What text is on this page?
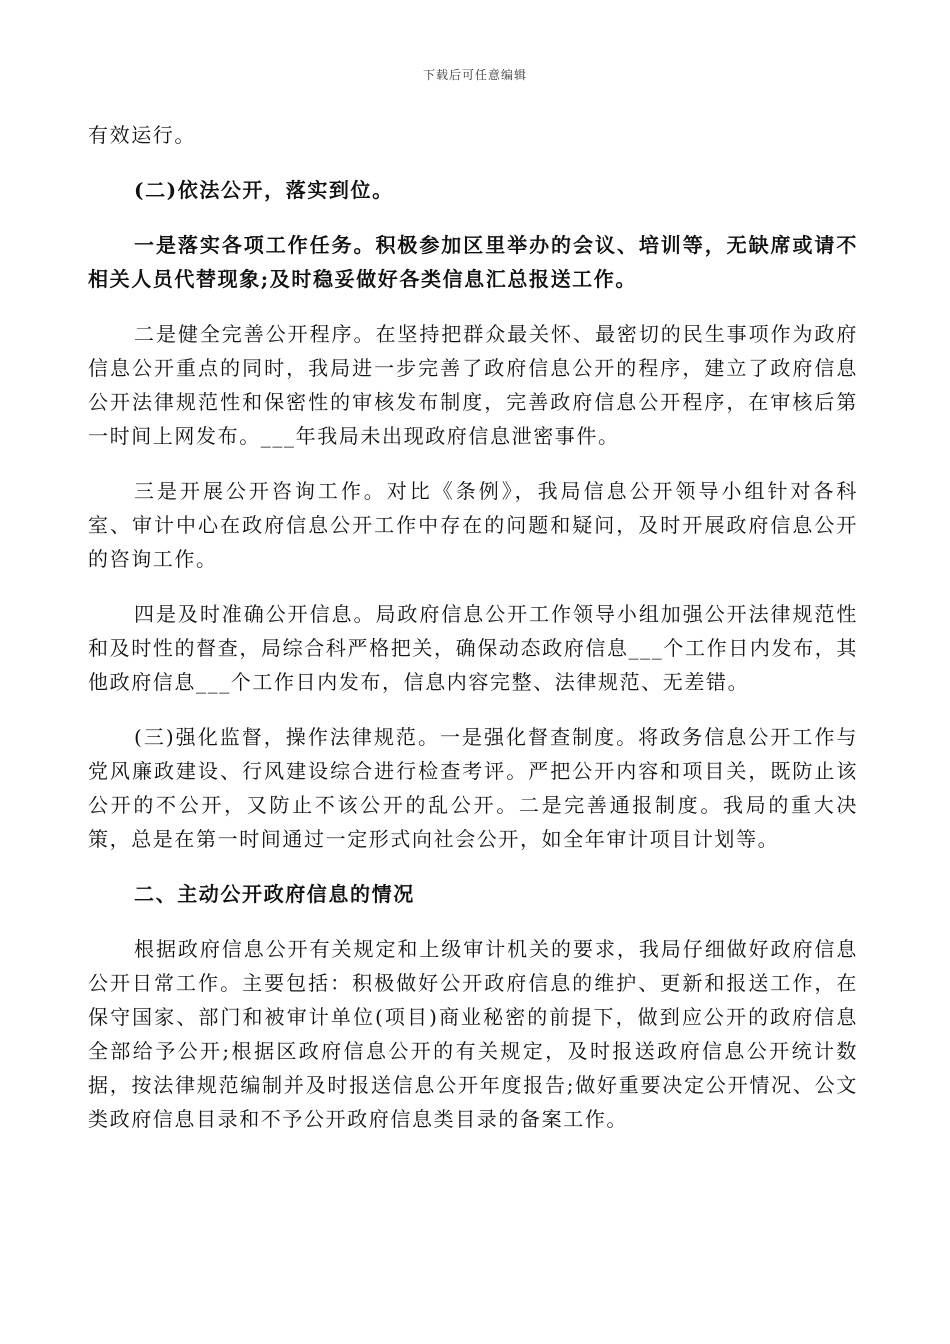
下载后可任意编辑

有效运行。

(二)依法公开，落实到位。

一是落实各项工作任务。积极参加区里举办的会议、培训等，无缺席或请不相关人员代替现象;及时稳妥做好各类信息汇总报送工作。

二是健全完善公开程序。在坚持把群众最关怀、最密切的民生事项作为政府信息公开重点的同时，我局进一步完善了政府信息公开的程序，建立了政府信息公开法律规范性和保密性的审核发布制度，完善政府信息公开程序，在审核后第一时间上网发布。___年我局未出现政府信息泄密事件。

三是开展公开咨询工作。对比《条例》，我局信息公开领导小组针对各科室、审计中心在政府信息公开工作中存在的问题和疑问，及时开展政府信息公开的咨询工作。

四是及时准确公开信息。局政府信息公开工作领导小组加强公开法律规范性和及时性的督查，局综合科严格把关，确保动态政府信息___个工作日内发布，其他政府信息___个工作日内发布，信息内容完整、法律规范、无差错。

(三)强化监督，操作法律规范。一是强化督查制度。将政务信息公开工作与党风廉政建设、行风建设综合进行检查考评。严把公开内容和项目关，既防止该公开的不公开，又防止不该公开的乱公开。二是完善通报制度。我局的重大决策，总是在第一时间通过一定形式向社会公开，如全年审计项目计划等。

二、主动公开政府信息的情况

根据政府信息公开有关规定和上级审计机关的要求，我局仔细做好政府信息公开日常工作。主要包括：积极做好公开政府信息的维护、更新和报送工作，在保守国家、部门和被审计单位(项目)商业秘密的前提下，做到应公开的政府信息全部给予公开;根据区政府信息公开的有关规定，及时报送政府信息公开统计数据，按法律规范编制并及时报送信息公开年度报告;做好重要决定公开情况、公文类政府信息目录和不予公开政府信息类目录的备案工作。
